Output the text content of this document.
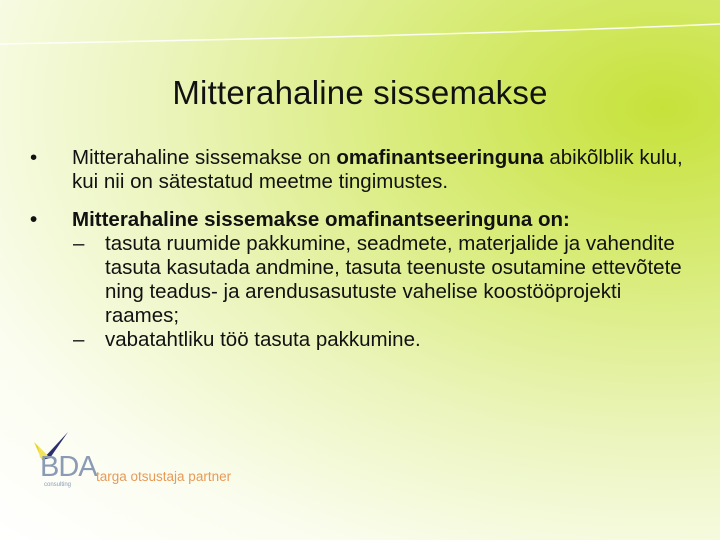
Mitterahaline sissemakse
• Mitterahaline sissemakse on omafinantseeringuna abikõlblik kulu, kui nii on sätestatud meetme tingimustes.
• Mitterahaline sissemakse omafinantseeringuna on:
– tasuta ruumide pakkumine, seadmete, materjalide ja vahendite tasuta kasutada andmine, tasuta teenuste osutamine ettevõtete ning teadus- ja arendusasutuste vahelise koostööprojekti raames;
– vabatahtliku töö tasuta pakkumine.
BDA
consulting
targa otsustaja partner
